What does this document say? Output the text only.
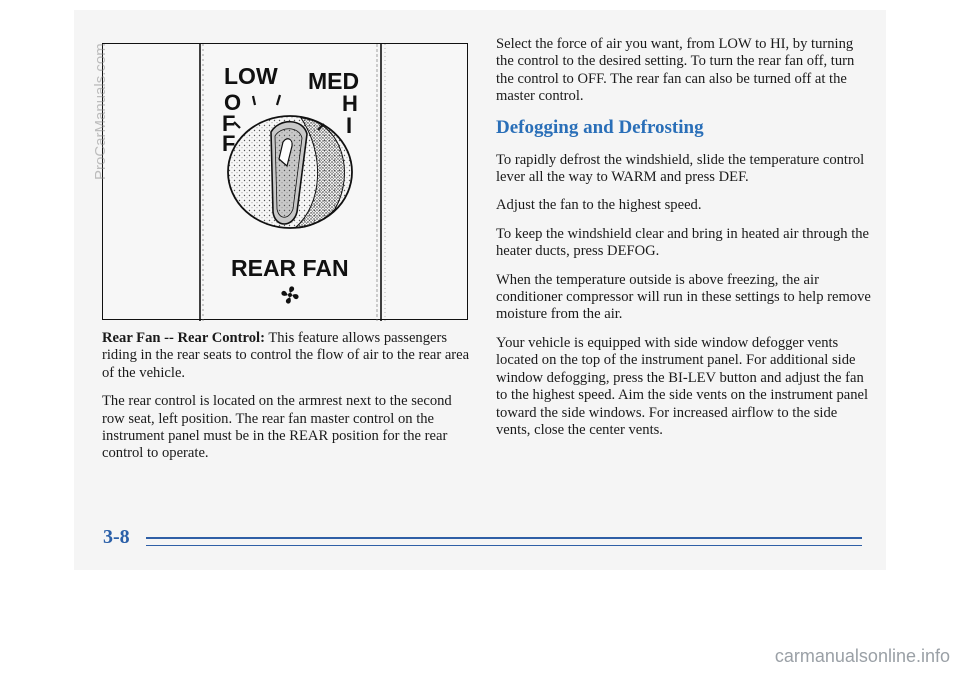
LOW MED
O
F
F
H
I
REAR FAN

Rear Fan -- Rear Control: This feature allows passengers riding in the rear seats to control the flow of air to the rear area of the vehicle.

The rear control is located on the armrest next to the second row seat, left position. The rear fan master control on the instrument panel must be in the REAR position for the rear control to operate.

Select the force of air you want, from LOW to HI, by turning the control to the desired setting. To turn the rear fan off, turn the control to OFF. The rear fan can also be turned off at the master control.

Defogging and Defrosting

To rapidly defrost the windshield, slide the temperature control lever all the way to WARM and press DEF.

Adjust the fan to the highest speed.

To keep the windshield clear and bring in heated air through the heater ducts, press DEFOG.

When the temperature outside is above freezing, the air conditioner compressor will run in these settings to help remove moisture from the air.

Your vehicle is equipped with side window defogger vents located on the top of the instrument panel. For additional side window defogging, press the BI-LEV button and adjust the fan to the highest speed. Aim the side vents on the instrument panel toward the side windows. For increased airflow to the side vents, close the center vents.

3-8
ProCarManuals.com
carmanualsonline.info
